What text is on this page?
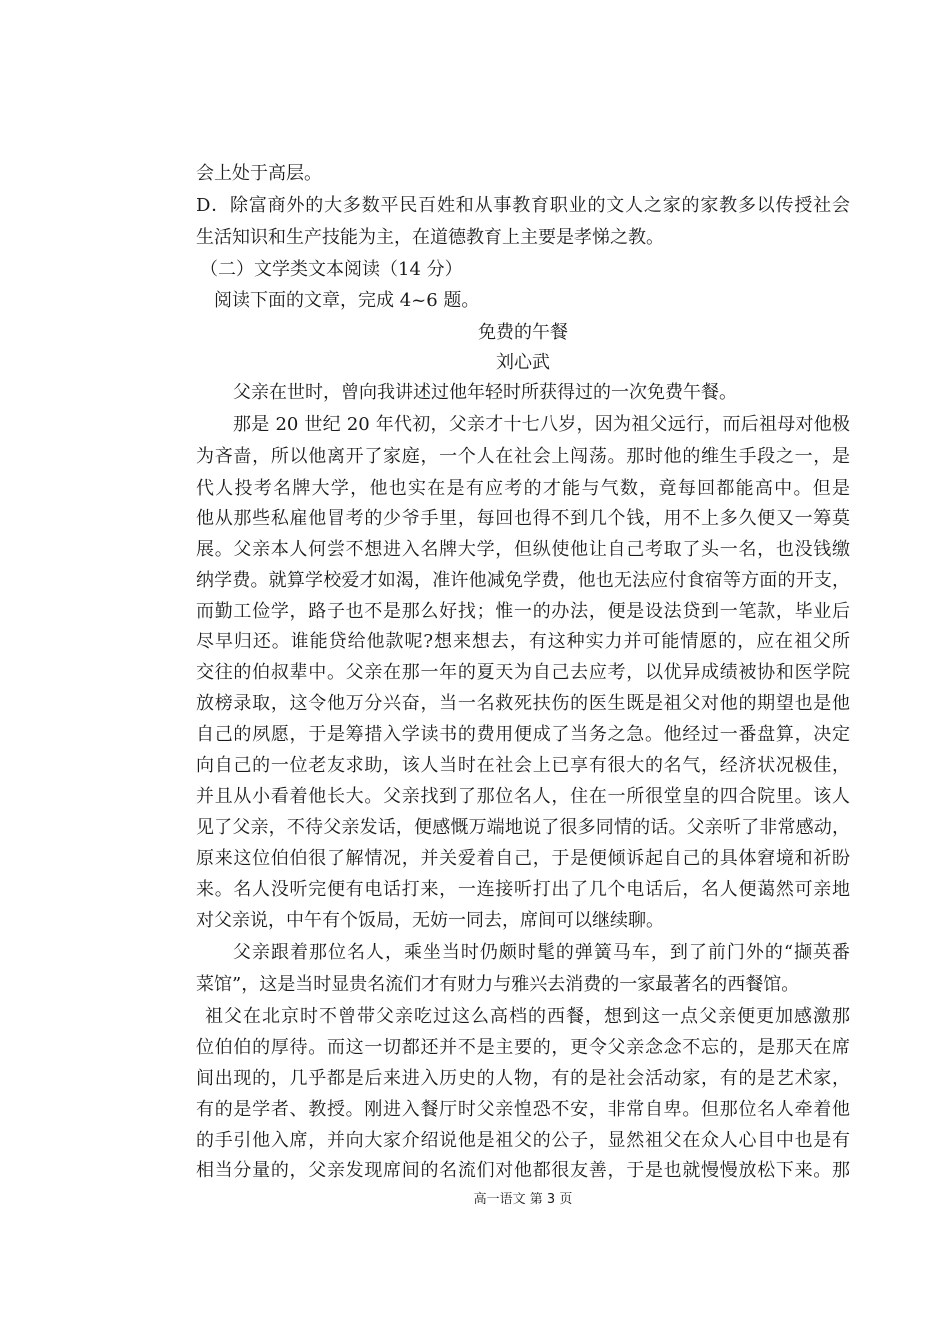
会上处于高层。
D．除富商外的大多数平民百姓和从事教育职业的文人之家的家教多以传授社会
生活知识和生产技能为主，在道德教育上主要是孝悌之教。
（二）文学类文本阅读（14 分）
阅读下面的文章，完成 4~6 题。
免费的午餐
刘心武
父亲在世时，曾向我讲述过他年轻时所获得过的一次免费午餐。
那是 20 世纪 20 年代初，父亲才十七八岁，因为祖父远行，而后祖母对他极
为吝啬，所以他离开了家庭，一个人在社会上闯荡。那时他的维生手段之一，是
代人投考名牌大学，他也实在是有应考的才能与气数，竟每回都能高中。但是
他从那些私雇他冒考的少爷手里，每回也得不到几个钱，用不上多久便又一筹莫
展。父亲本人何尝不想进入名牌大学，但纵使他让自己考取了头一名，也没钱缴
纳学费。就算学校爱才如渴，准许他减免学费，他也无法应付食宿等方面的开支，
而勤工俭学，路子也不是那么好找；惟一的办法，便是设法贷到一笔款，毕业后
尽早归还。谁能贷给他款呢?想来想去，有这种实力并可能情愿的，应在祖父所
交往的伯叔辈中。父亲在那一年的夏天为自己去应考，以优异成绩被协和医学院
放榜录取，这令他万分兴奋，当一名救死扶伤的医生既是祖父对他的期望也是他
自己的夙愿，于是筹措入学读书的费用便成了当务之急。他经过一番盘算，决定
向自己的一位老友求助，该人当时在社会上已享有很大的名气，经济状况极佳，
并且从小看着他长大。父亲找到了那位名人，住在一所很堂皇的四合院里。该人
见了父亲，不待父亲发话，便感慨万端地说了很多同情的话。父亲听了非常感动，
原来这位伯伯很了解情况，并关爱着自己，于是便倾诉起自己的具体窘境和祈盼
来。名人没听完便有电话打来，一连接听打出了几个电话后，名人便蔼然可亲地
对父亲说，中午有个饭局，无妨一同去，席间可以继续聊。
父亲跟着那位名人，乘坐当时仍颇时髦的弹簧马车，到了前门外的“撷英番
菜馆”，这是当时显贵名流们才有财力与雅兴去消费的一家最著名的西餐馆。
祖父在北京时不曾带父亲吃过这么高档的西餐，想到这一点父亲便更加感激那
位伯伯的厚待。而这一切都还并不是主要的，更令父亲念念不忘的，是那天在席
间出现的，几乎都是后来进入历史的人物，有的是社会活动家，有的是艺术家，
有的是学者、教授。刚进入餐厅时父亲惶恐不安，非常自卑。但那位名人牵着他
的手引他入席，并向大家介绍说他是祖父的公子，显然祖父在众人心目中也是有
相当分量的，父亲发现席间的名流们对他都很友善，于是也就慢慢放松下来。那
高一语文 第 3 页
